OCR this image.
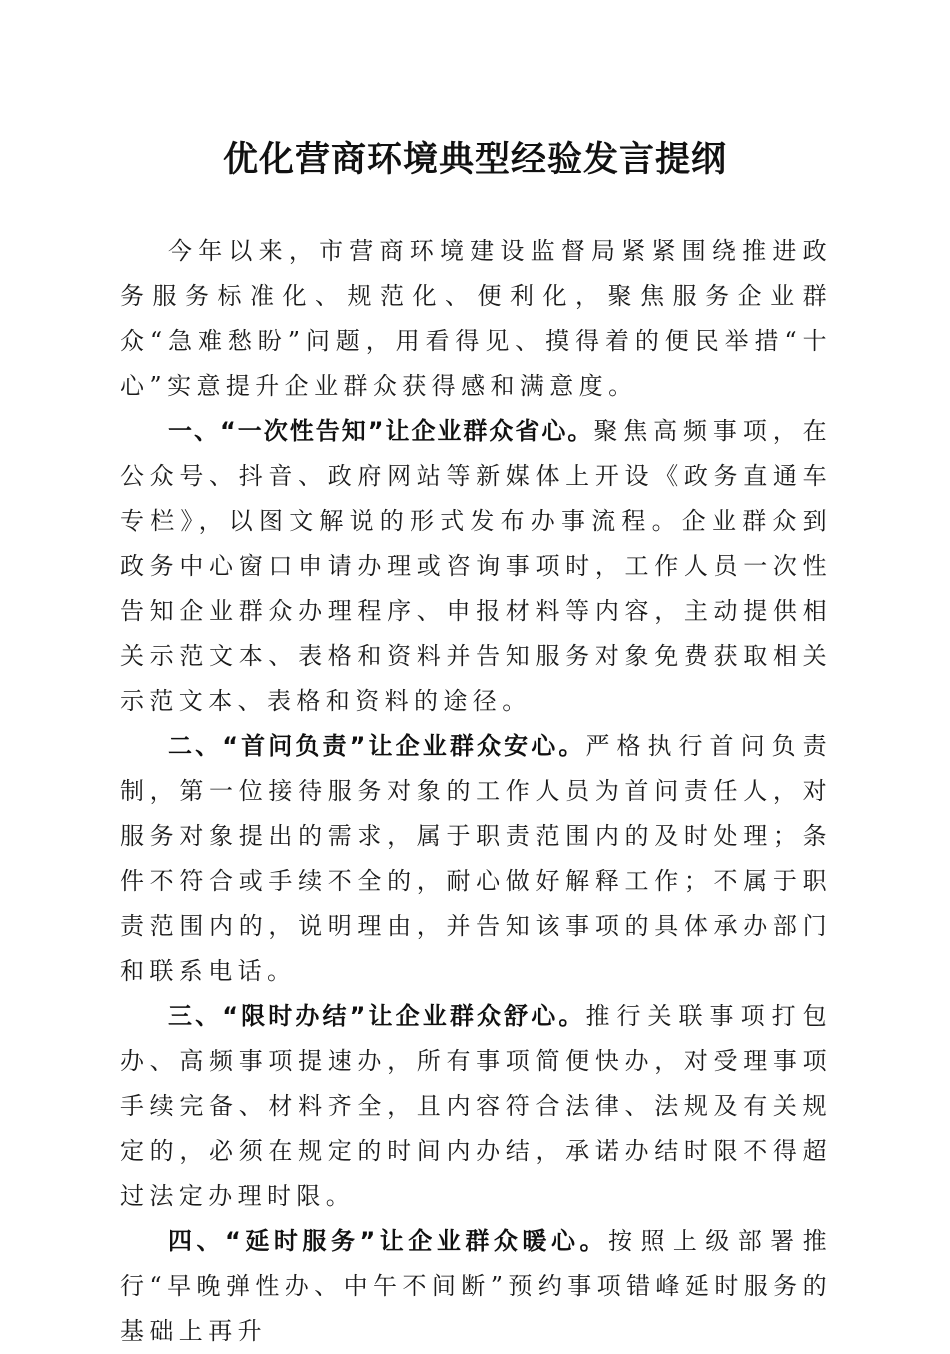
优化营商环境典型经验发言提纲

今年以来，市营商环境建设监督局紧紧围绕推进政务服务标准化、规范化、便利化，聚焦服务企业群众“急难愁盼”问题，用看得见、摸得着的便民举措“十心”实意提升企业群众获得感和满意度。

一、“一次性告知”让企业群众省心。聚焦高频事项，在公众号、抖音、政府网站等新媒体上开设《政务直通车专栏》，以图文解说的形式发布办事流程。企业群众到政务中心窗口申请办理或咨询事项时，工作人员一次性告知企业群众办理程序、申报材料等内容，主动提供相关示范文本、表格和资料并告知服务对象免费获取相关示范文本、表格和资料的途径。

二、“首问负责”让企业群众安心。严格执行首问负责制，第一位接待服务对象的工作人员为首问责任人，对服务对象提出的需求，属于职责范围内的及时处理；条件不符合或手续不全的，耐心做好解释工作；不属于职责范围内的，说明理由，并告知该事项的具体承办部门和联系电话。

三、“限时办结”让企业群众舒心。推行关联事项打包办、高频事项提速办，所有事项简便快办，对受理事项手续完备、材料齐全，且内容符合法律、法规及有关规定的，必须在规定的时间内办结，承诺办结时限不得超过法定办理时限。

四、“延时服务”让企业群众暖心。按照上级部署推行“早晚弹性办、中午不间断”预约事项错峰延时服务的基础上再升
